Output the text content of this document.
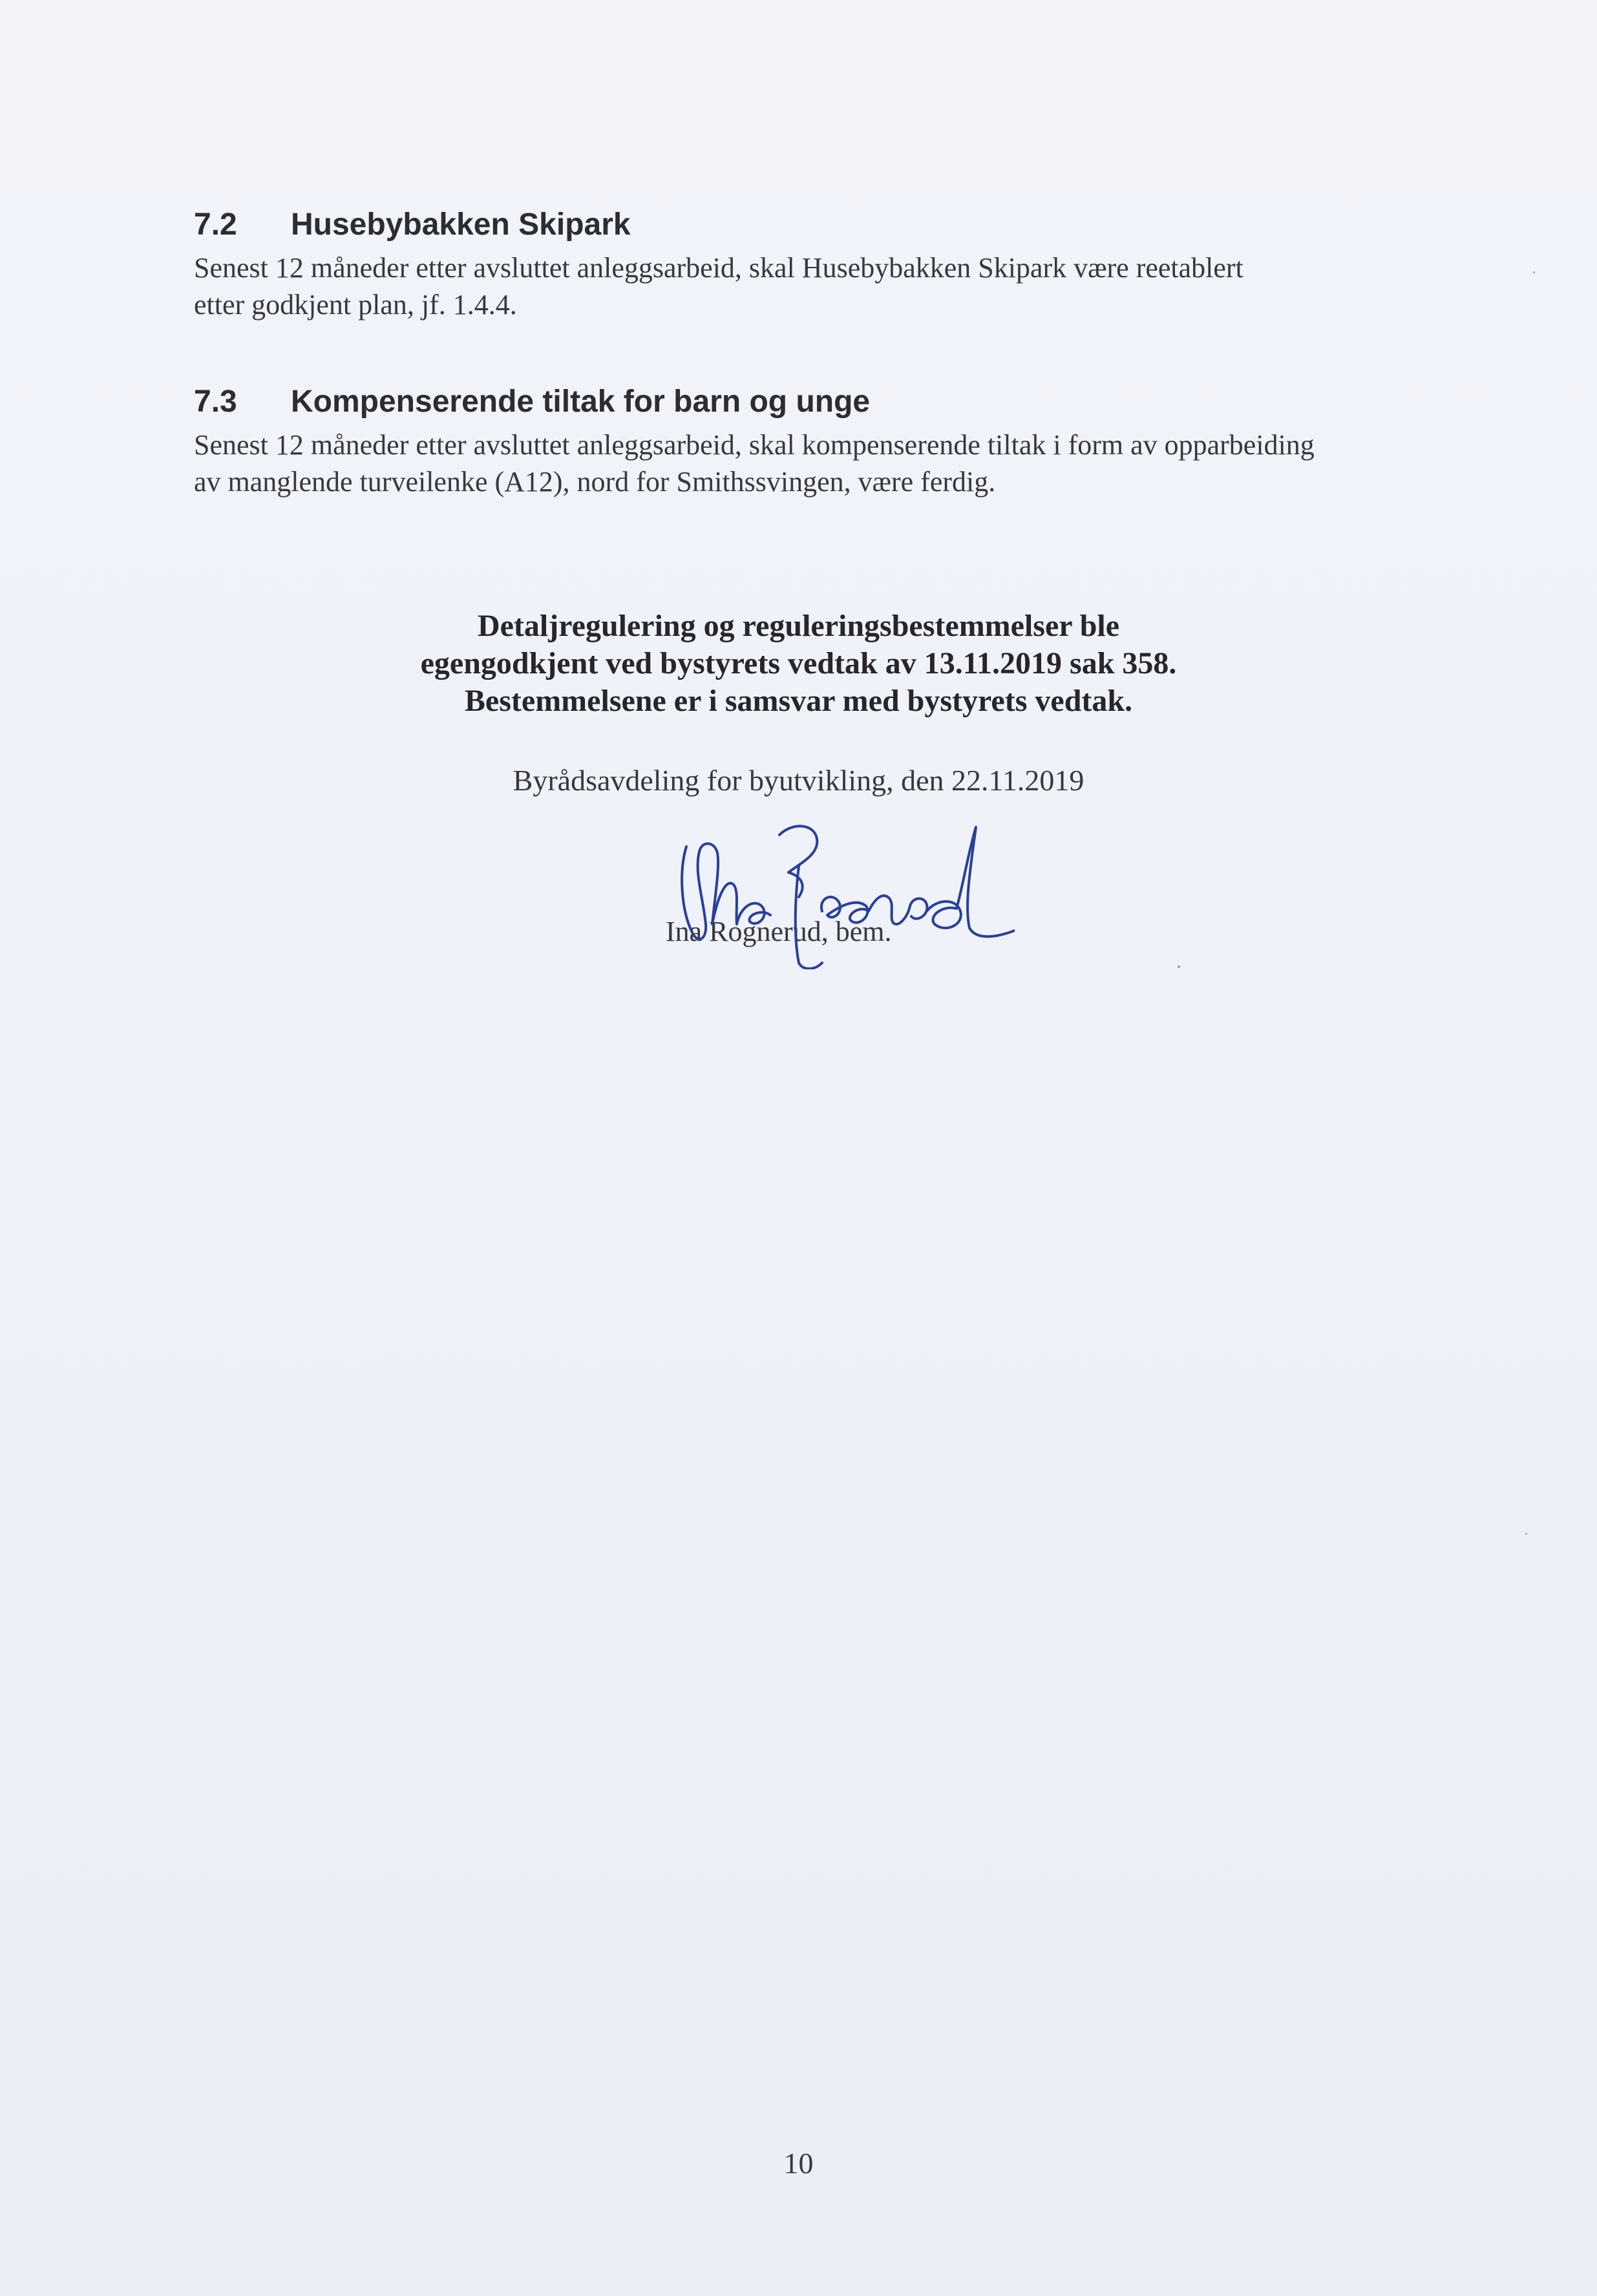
7.2 Husebybakken Skipark
Senest 12 måneder etter avsluttet anleggsarbeid, skal Husebybakken Skipark være reetablert
etter godkjent plan, jf. 1.4.4.
7.3 Kompenserende tiltak for barn og unge
Senest 12 måneder etter avsluttet anleggsarbeid, skal kompenserende tiltak i form av opparbeiding
av manglende turveilenke (A12), nord for Smithssvingen, være ferdig.
Detaljregulering og reguleringsbestemmelser ble
egengodkjent ved bystyrets vedtak av 13.11.2019 sak 358.
Bestemmelsene er i samsvar med bystyrets vedtak.
Byrådsavdeling for byutvikling, den 22.11.2019
Ina Rognerud, bem.
10
